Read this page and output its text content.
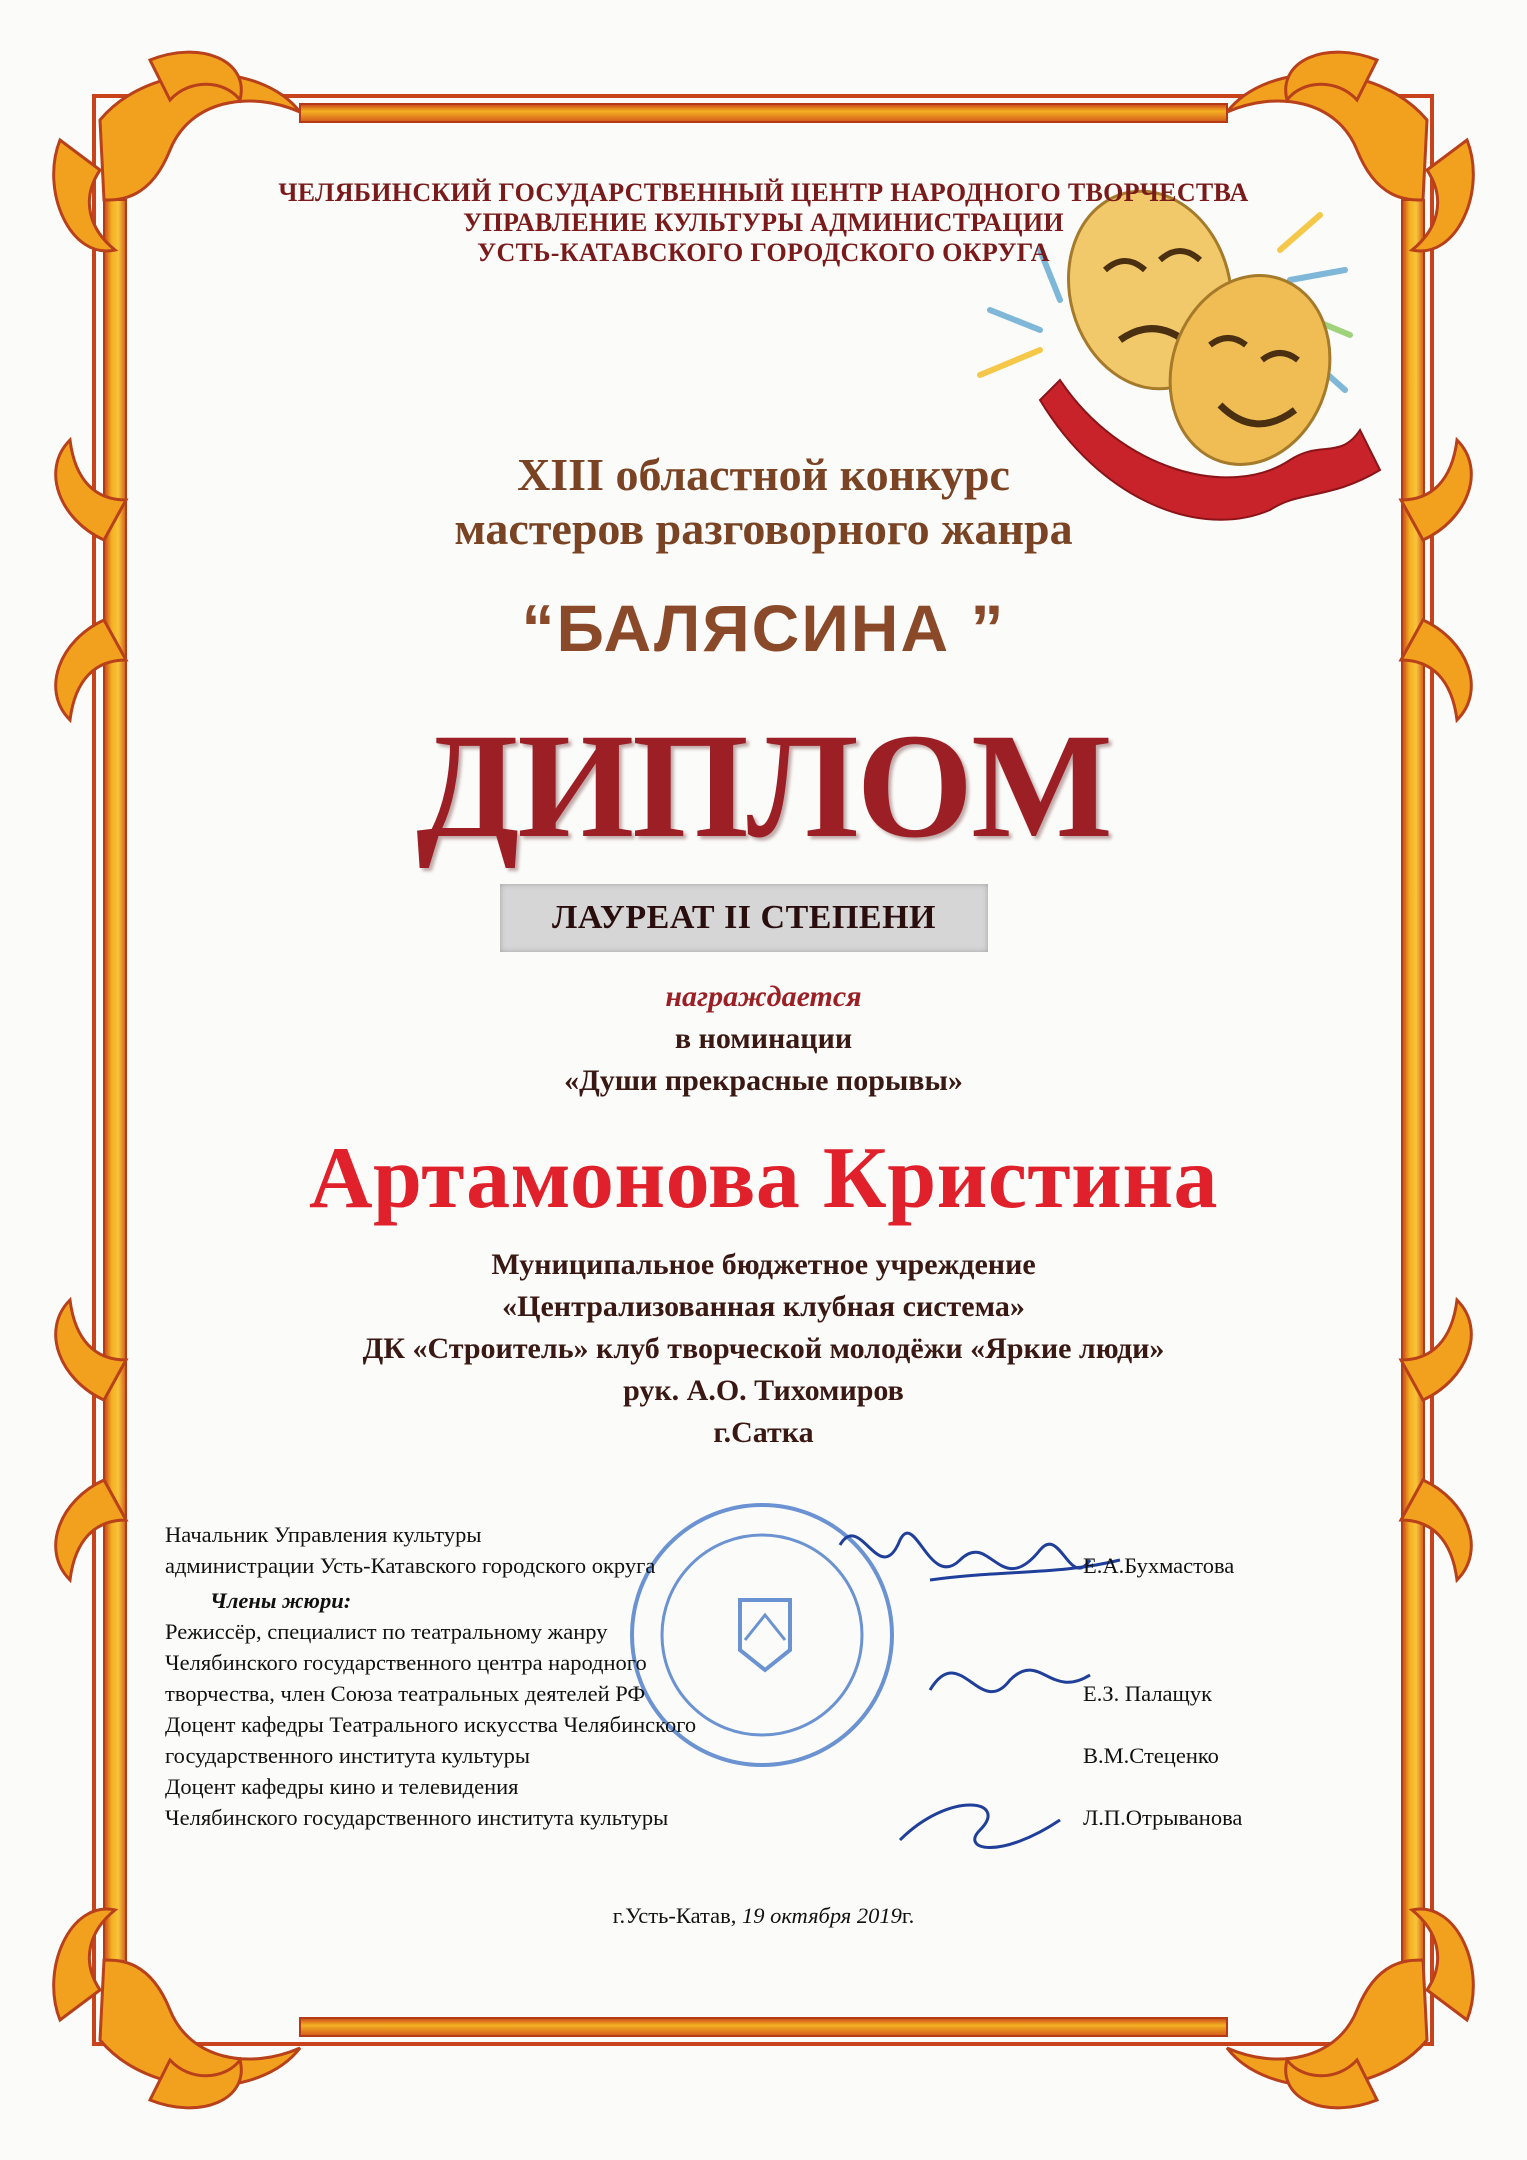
ЧЕЛЯБИНСКИЙ ГОСУДАРСТВЕННЫЙ ЦЕНТР НАРОДНОГО ТВОРЧЕСТВА
УПРАВЛЕНИЕ КУЛЬТУРЫ АДМИНИСТРАЦИИ
УСТЬ-КАТАВСКОГО ГОРОДСКОГО ОКРУГА
XIII областной конкурс
мастеров разговорного жанра
“БАЛЯСИНА ”
ДИПЛОМ
ЛАУРЕАТ II СТЕПЕНИ
награждается
в номинации
«Души прекрасные порывы»
Артамонова Кристина
Муниципальное бюджетное учреждение
«Централизованная клубная система»
ДК «Строитель» клуб творческой молодёжи «Яркие люди»
рук. А.О. Тихомиров
г.Сатка
Начальник Управления культуры
администрации Усть-Катавского городского округа	Е.А.Бухмастова
Члены жюри:
Режиссёр, специалист по театральному жанру
Челябинского государственного центра народного
творчества, член Союза театральных деятелей РФ	Е.З. Палащук
Доцент кафедры Театрального искусства Челябинского
государственного института культуры	В.М.Стеценко
Доцент кафедры кино и телевидения
Челябинского государственного института культуры	Л.П.Отрыванова
г.Усть-Катав, 19 октября 2019г.
